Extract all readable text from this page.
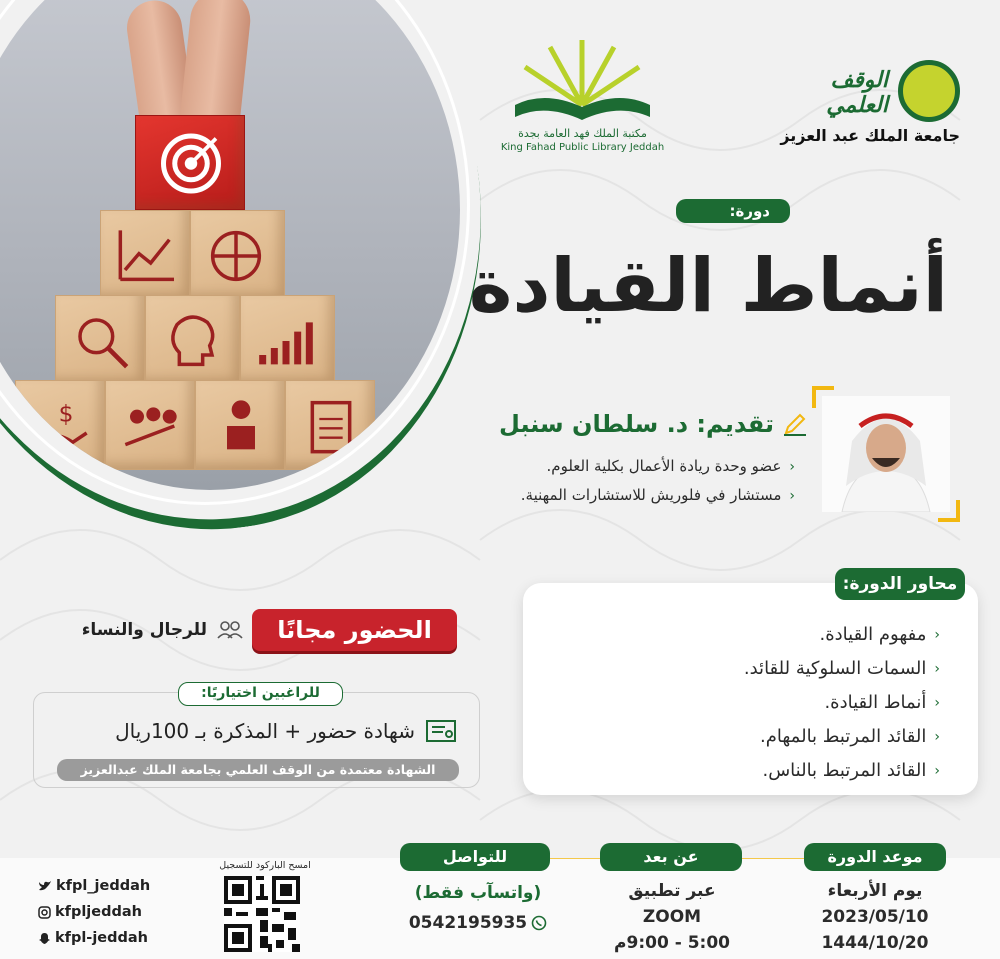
$
الوقف العلمي
جامعة الملك عبد العزيز
مكتبة الملك فهد العامة بجدة
King Fahad Public Library Jeddah
دورة:
أنماط القيادة
تقديم: د. سلطان سنبل
‹عضو وحدة ريادة الأعمال بكلية العلوم.
‹مستشار في فلوريش للاستشارات المهنية.
محاور الدورة:
‹
مفهوم القيادة.
‹
السمات السلوكية للقائد.
‹
أنماط القيادة.
‹
القائد المرتبط بالمهام.
‹
القائد المرتبط بالناس.
الحضور مجانًا
للرجال والنساء
للراغبين اختياريًا:
شهادة حضور + المذكرة بـ 100ريال
الشهادة معتمدة من الوقف العلمي بجامعة الملك عبدالعزيز
موعد الدورة
عن بعد
للتواصل
يوم الأربعاء
2023/05/10
1444/10/20
عبر تطبيق
ZOOM
5:00 - 9:00م
(واتسآب فقط)
0542195935
امسح الباركود للتسجيل
kfpl_jeddah
kfpljeddah
kfpl-jeddah
